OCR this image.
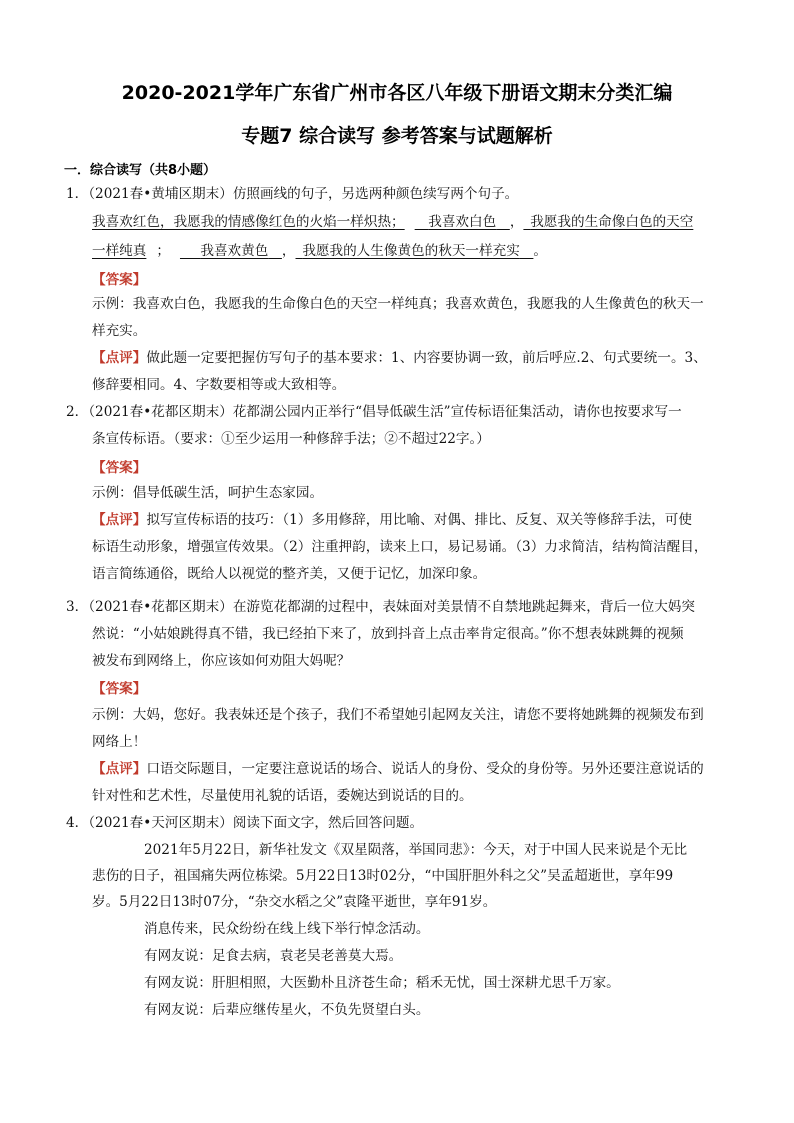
2020-2021学年广东省广州市各区八年级下册语文期末分类汇编
专题7 综合读写 参考答案与试题解析
一．综合读写（共8小题）
1．（2021春•黄埔区期末）仿照画线的句子，另选两种颜色续写两个句子。
我喜欢红色，我愿我的情感像红色的火焰一样炽热；  我喜欢白色  ，  我愿我的生命像白色的天空
一样纯真 ；   我喜欢黄色  ，  我愿我的人生像黄色的秋天一样充实  。
【答案】
示例：我喜欢白色，我愿我的生命像白色的天空一样纯真；我喜欢黄色，我愿我的人生像黄色的秋天一
样充实。
【点评】做此题一定要把握仿写句子的基本要求：1、内容要协调一致，前后呼应.2、句式要统一。3、
修辞要相同。4、字数要相等或大致相等。
2．（2021春•花都区期末）花都湖公园内正举行“倡导低碳生活”宣传标语征集活动，请你也按要求写一
条宣传标语。（要求：①至少运用一种修辞手法；②不超过22字。）
【答案】
示例：倡导低碳生活，呵护生态家园。
【点评】拟写宣传标语的技巧：（1）多用修辞，用比喻、对偶、排比、反复、双关等修辞手法，可使
标语生动形象，增强宣传效果。（2）注重押韵，读来上口，易记易诵。（3）力求简洁，结构简洁醒目，
语言简练通俗，既给人以视觉的整齐美，又便于记忆，加深印象。
3．（2021春•花都区期末）在游览花都湖的过程中，表妹面对美景情不自禁地跳起舞来，背后一位大妈突
然说：“小姑娘跳得真不错，我已经拍下来了，放到抖音上点击率肯定很高。”你不想表妹跳舞的视频
被发布到网络上，你应该如何劝阻大妈呢？
【答案】
示例：大妈，您好。我表妹还是个孩子，我们不希望她引起网友关注，请您不要将她跳舞的视频发布到
网络上！
【点评】口语交际题目，一定要注意说话的场合、说话人的身份、受众的身份等。另外还要注意说话的
针对性和艺术性，尽量使用礼貌的话语，委婉达到说话的目的。
4．（2021春•天河区期末）阅读下面文字，然后回答问题。
2021年5月22日，新华社发文《双星陨落，举国同悲》：今天，对于中国人民来说是个无比
悲伤的日子，祖国痛失两位栋梁。5月22日13时02分，“中国肝胆外科之父”吴孟超逝世，享年99
岁。5月22日13时07分，“杂交水稻之父”袁隆平逝世，享年91岁。
消息传来，民众纷纷在线上线下举行悼念活动。
有网友说：足食去病，袁老吴老善莫大焉。
有网友说：肝胆相照，大医勤朴且济苍生命；稻禾无忧，国士深耕尤思千万家。
有网友说：后辈应继传星火，不负先贤望白头。
